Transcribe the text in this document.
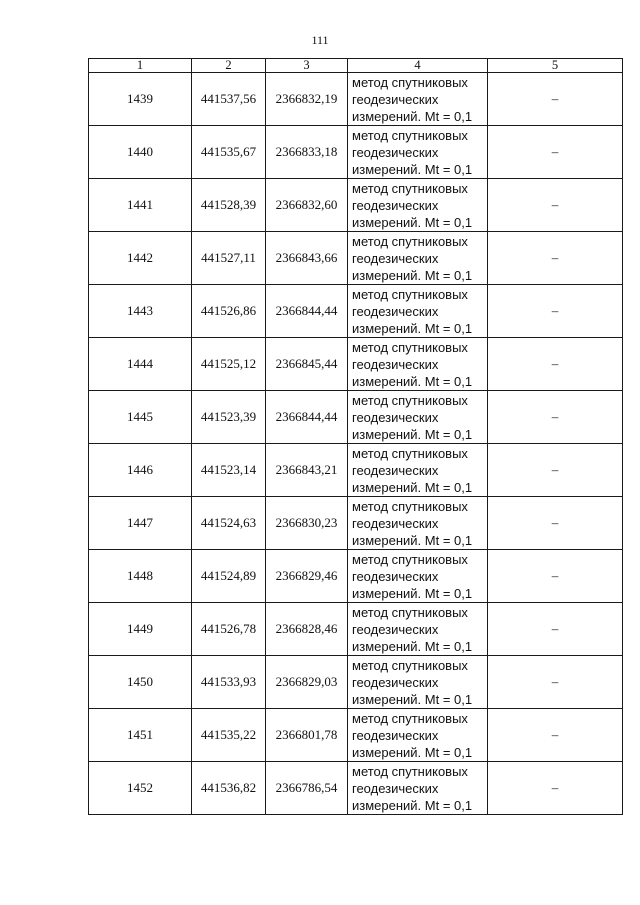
111
1	2	3	4	5
1439	441537,56	2366832,19	метод спутниковых
геодезических
измерений. Mt = 0,1	–
1440	441535,67	2366833,18	метод спутниковых
геодезических
измерений. Mt = 0,1	–
1441	441528,39	2366832,60	метод спутниковых
геодезических
измерений. Mt = 0,1	–
1442	441527,11	2366843,66	метод спутниковых
геодезических
измерений. Mt = 0,1	–
1443	441526,86	2366844,44	метод спутниковых
геодезических
измерений. Mt = 0,1	–
1444	441525,12	2366845,44	метод спутниковых
геодезических
измерений. Mt = 0,1	–
1445	441523,39	2366844,44	метод спутниковых
геодезических
измерений. Mt = 0,1	–
1446	441523,14	2366843,21	метод спутниковых
геодезических
измерений. Mt = 0,1	–
1447	441524,63	2366830,23	метод спутниковых
геодезических
измерений. Mt = 0,1	–
1448	441524,89	2366829,46	метод спутниковых
геодезических
измерений. Mt = 0,1	–
1449	441526,78	2366828,46	метод спутниковых
геодезических
измерений. Mt = 0,1	–
1450	441533,93	2366829,03	метод спутниковых
геодезических
измерений. Mt = 0,1	–
1451	441535,22	2366801,78	метод спутниковых
геодезических
измерений. Mt = 0,1	–
1452	441536,82	2366786,54	метод спутниковых
геодезических
измерений. Mt = 0,1	–
